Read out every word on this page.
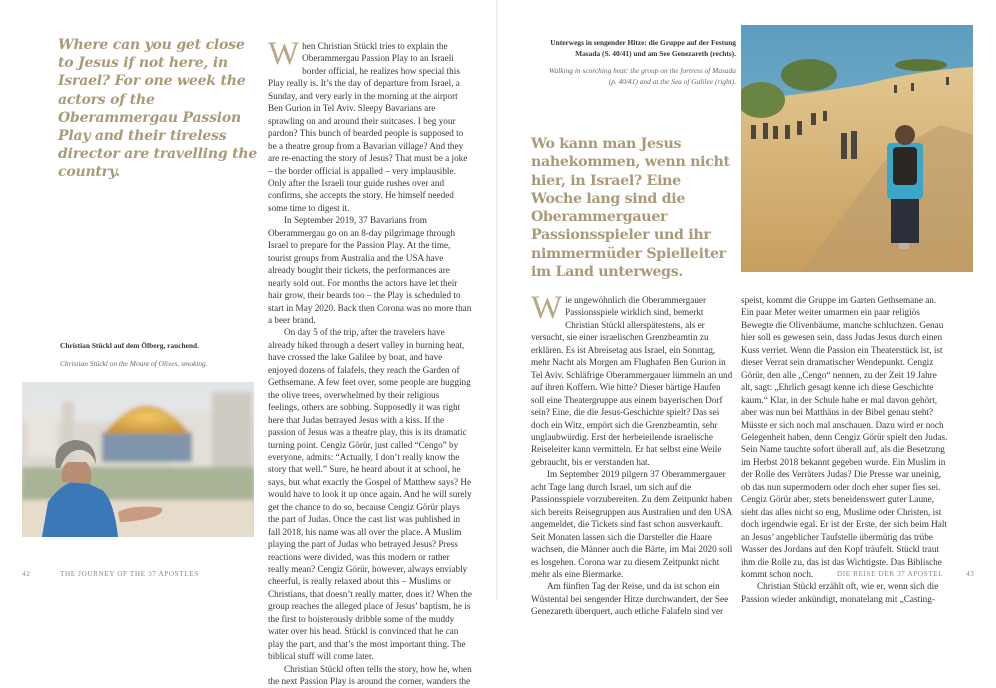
Where can you get close to Jesus if not here, in Israel? For one week the actors of the Oberammergau Passion Play and their tireless director are travelling the country.

When Christian Stückl tries to explain the Oberammergau Passion Play to an Israeli border official, he realizes how special this Play really is. It’s the day of departure from Israel, a Sunday, and very early in the morning at the airport Ben Gurion in Tel Aviv. Sleepy Bavarians are sprawling on and around their suitcases. I beg your pardon? This bunch of bearded people is supposed to be a theatre group from a Bavarian village? And they are re-enacting the story of Jesus? That must be a joke – the border official is appalled – very implausible. Only after the Israeli tour guide rushes over and confirms, she accepts the story. He himself needed some time to digest it.

In September 2019, 37 Bavarians from Oberammergau go on an 8-day pilgrimage through Israel to prepare for the Passion Play. At the time, tourist groups from Australia and the USA have already bought their tickets, the performances are nearly sold out. For months the actors have let their hair grow, their beards too – the Play is scheduled to start in May 2020. Back then Corona was no more than a beer brand.

On day 5 of the trip, after the travelers have already hiked through a desert valley in burning heat, have crossed the lake Galilee by boat, and have enjoyed dozens of falafels, they reach the Garden of Gethsemane. A few feet over, some people are hugging the olive trees, overwhelmed by their religious feelings, others are sobbing. Supposedly it was right here that Judas betrayed Jesus with a kiss. If the passion of Jesus was a theatre play, this is its dramatic turning point. Cengiz Görür, just called “Cengo” by everyone, admits: “Actually, I don’t really know the story that well.” Sure, he heard about it at school, he says, but what exactly the Gospel of Matthew says? He would have to look it up once again. And he will surely get the chance to do so, because Cengiz Görür plays the part of Judas. Once the cast list was published in fall 2018, his name was all over the place. A Muslim playing the part of Judas who betrayed Jesus? Press reactions were divided, was this modern or rather really mean? Cengiz Görür, however, always enviably cheerful, is really relaxed about this – Muslims or Christians, that doesn’t really matter, does it? When the group reaches the alleged place of Jesus’ baptism, he is the first to boisterously dribble some of the muddy water over his head. Stückl is convinced that he can play the part, and that’s the most important thing. The biblical stuff will come later.

Christian Stückl often tells the story, how he, when the next Passion Play is around the corner, wanders the

Christian Stückl auf dem Ölberg, rauchend.
Christian Stückl on the Mount of Olives, smoking.
42	THE JOURNEY OF THE 37 APOSTLES
Unterwegs in sengender Hitze: die Gruppe auf der Festung Masada (S. 40/41) und am See Genezareth (rechts).
Walking in scorching heat: the group on the fortress of Masada (p. 40/41) and at the Sea of Galilee (right).
Wo kann man Jesus nahekommen, wenn nicht hier, in Israel? Eine Woche lang sind die Oberammergauer Passionsspieler und ihr nimmermüder Spielleiter im Land unterwegs.

Wie ungewöhnlich die Oberammergauer Passionsspiele wirklich sind, bemerkt Christian Stückl allerspätestens, als er versucht, sie einer israelischen Grenzbeamtin zu erklären. Es ist Abreisetag aus Israel, ein Sonntag, mehr Nacht als Morgen am Flughafen Ben Gurion in Tel Aviv. Schläfrige Oberammergauer lümmeln an und auf ihren Koffern. Wie bitte? Dieser bärtige Haufen soll eine Theatergruppe aus einem bayerischen Dorf sein? Eine, die die Jesus-Geschichte spielt? Das sei doch ein Witz, empört sich die Grenzbeamtin, sehr unglaubwürdig. Erst der herbeieilende israelische Reiseleiter kann vermitteln. Er hat selbst eine Weile gebraucht, bis er verstanden hat.

Im September 2019 pilgern 37 Oberammergauer acht Tage lang durch Israel, um sich auf die Passionsspiele vorzubereiten. Zu dem Zeitpunkt haben sich bereits Reisegruppen aus Australien und den USA angemeldet, die Tickets sind fast schon ausverkauft. Seit Monaten lassen sich die Darsteller die Haare wachsen, die Männer auch die Bärte, im Mai 2020 soll es losgehen. Corona war zu diesem Zeitpunkt nicht mehr als eine Biermarke.

Am fünften Tag der Reise, und da ist schon ein Wüstental bei sengender Hitze durchwandert, der See Genezareth überquert, auch etliche Falafeln sind ver

speist, kommt die Gruppe im Garten Gethsemane an. Ein paar Meter weiter umarmen ein paar religiös Bewegte die Olivenbäume, manche schluchzen. Genau hier soll es gewesen sein, dass Judas Jesus durch einen Kuss verriet. Wenn die Passion ein Theaterstück ist, ist dieser Verrat sein dramatischer Wendepunkt. Cengiz Görür, den alle „Cengo“ nennen, zu der Zeit 19 Jahre alt, sagt: „Ehrlich gesagt kenne ich diese Geschichte kaum.“ Klar, in der Schule habe er mal davon gehört, aber was nun bei Matthäus in der Bibel genau steht? Müsste er sich noch mal anschauen. Dazu wird er noch Gelegenheit haben, denn Cengiz Görür spielt den Judas. Sein Name tauchte sofort überall auf, als die Besetzung im Herbst 2018 bekannt gegeben wurde. Ein Muslim in der Rolle des Verräters Judas? Die Presse war uneinig, ob das nun supermodern oder doch eher super fies sei. Cengiz Görür aber, stets beneidenswert guter Laune, sieht das alles nicht so eng, Muslime oder Christen, ist doch irgendwie egal. Er ist der Erste, der sich beim Halt an Jesus’ angeblicher Taufstelle übermütig das trübe Wasser des Jordans auf den Kopf träufelt. Stückl traut ihm die Rolle zu, das ist das Wichtigste. Das Biblische kommt schon noch.

Christian Stückl erzählt oft, wie er, wenn sich die Passion wieder ankündigt, monatelang mit „Casting-

DIE REISE DER 37 APOSTEL	43
